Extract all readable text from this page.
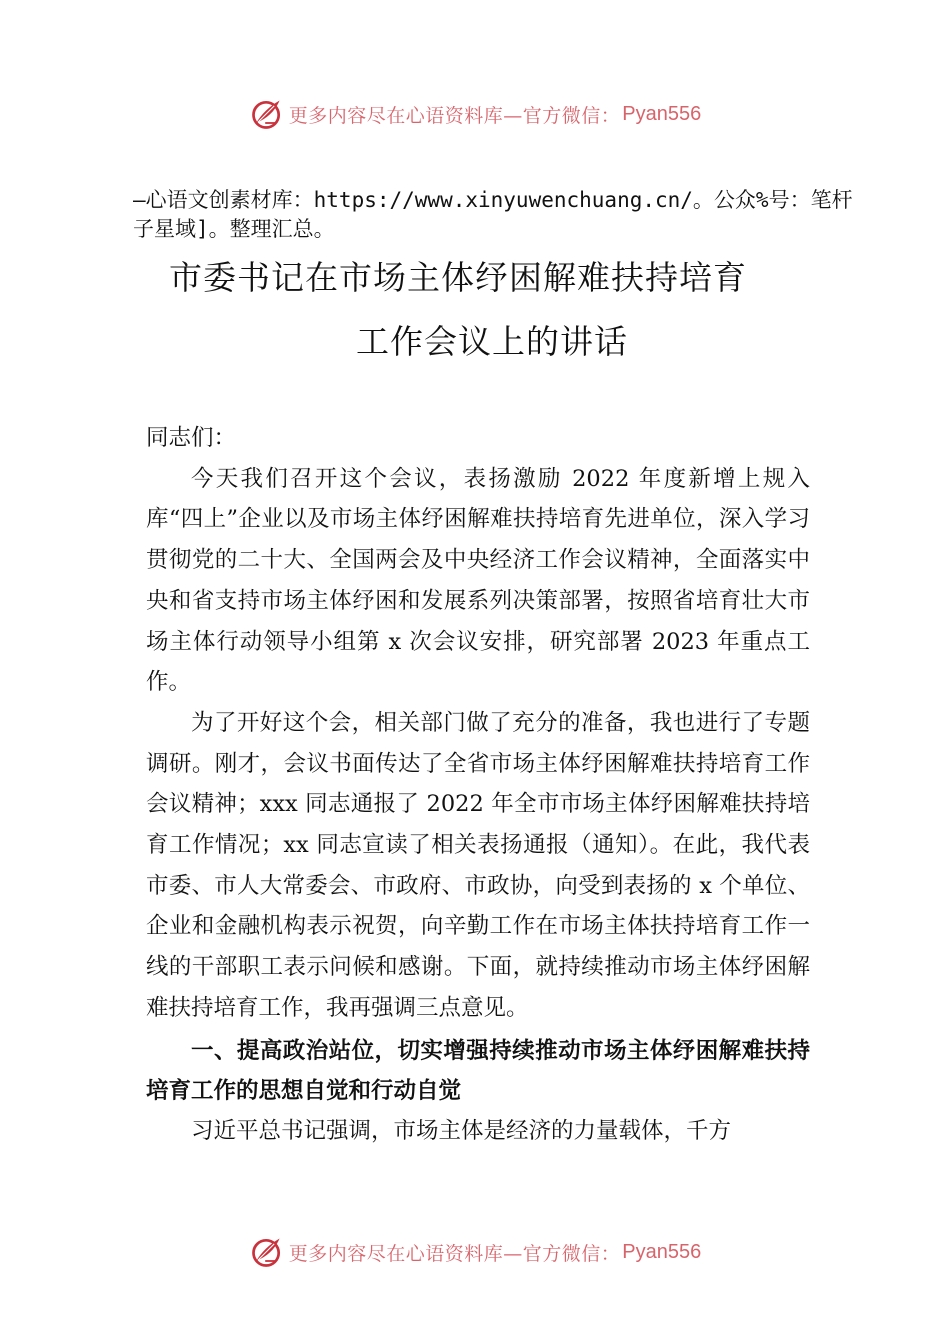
更多内容尽在心语资料库—官方微信： Pyan556
—心语文创素材库：https://www.xinyuwenchuang.cn/。公众%号：笔杆子星域]。整理汇总。
市委书记在市场主体纾困解难扶持培育
工作会议上的讲话

同志们：

今天我们召开这个会议，表扬激励 2022 年度新增上规入库“四上”企业以及市场主体纾困解难扶持培育先进单位，深入学习贯彻党的二十大、全国两会及中央经济工作会议精神，全面落实中央和省支持市场主体纾困和发展系列决策部署，按照省培育壮大市场主体行动领导小组第 x 次会议安排，研究部署 2023 年重点工作。

为了开好这个会，相关部门做了充分的准备，我也进行了专题调研。刚才，会议书面传达了全省市场主体纾困解难扶持培育工作会议精神；xxx 同志通报了 2022 年全市市场主体纾困解难扶持培育工作情况；xx 同志宣读了相关表扬通报（通知）。在此，我代表市委、市人大常委会、市政府、市政协，向受到表扬的 x 个单位、企业和金融机构表示祝贺，向辛勤工作在市场主体扶持培育工作一线的干部职工表示问候和感谢。下面，就持续推动市场主体纾困解难扶持培育工作，我再强调三点意见。

一、提高政治站位，切实增强持续推动市场主体纾困解难扶持培育工作的思想自觉和行动自觉

习近平总书记强调，市场主体是经济的力量载体，千方

更多内容尽在心语资料库—官方微信： Pyan556
